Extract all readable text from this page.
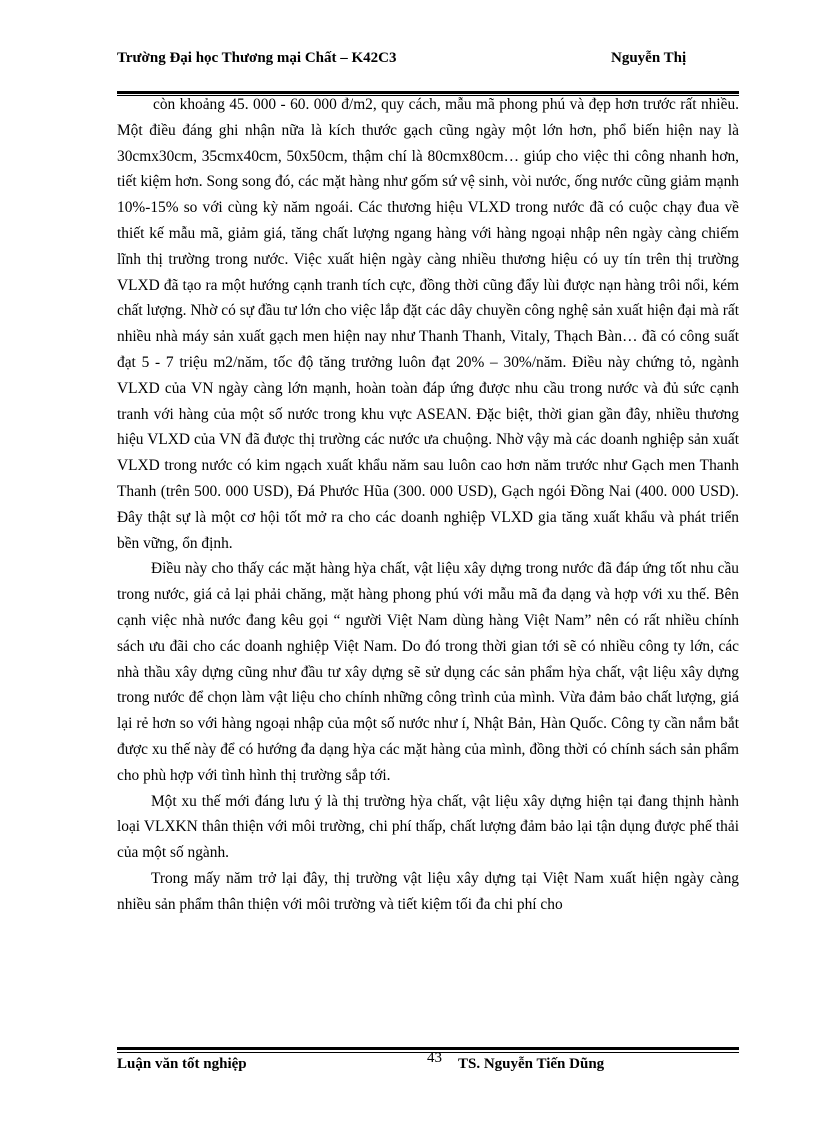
Trường Đại học Thương mại Chất – K42C3	Nguyễn Thị

còn khoảng 45. 000 - 60. 000 đ/m2, quy cách, mẫu mã phong phú và đẹp hơn trước rất nhiều. Một điều đáng ghi nhận nữa là kích thước gạch cũng ngày một lớn hơn, phổ biến hiện nay là 30cmx30cm, 35cmx40cm, 50x50cm, thậm chí là 80cmx80cm… giúp cho việc thi công nhanh hơn, tiết kiệm hơn. Song song đó, các mặt hàng như gốm sứ vệ sinh, vòi nước, ống nước cũng giảm mạnh 10%-15% so với cùng kỳ năm ngoái. Các thương hiệu VLXD trong nước đã có cuộc chạy đua về thiết kế mẫu mã, giảm giá, tăng chất lượng ngang hàng với hàng ngoại nhập nên ngày càng chiếm lĩnh thị trường trong nước. Việc xuất hiện ngày càng nhiều thương hiệu có uy tín trên thị trường VLXD đã tạo ra một hướng cạnh tranh tích cực, đồng thời cũng đẩy lùi được nạn hàng trôi nổi, kém chất lượng. Nhờ có sự đầu tư lớn cho việc lắp đặt các dây chuyền công nghệ sản xuất hiện đại mà rất nhiều nhà máy sản xuất gạch men hiện nay như Thanh Thanh, Vitaly, Thạch Bàn… đã có công suất đạt 5 - 7 triệu m2/năm, tốc độ tăng trưởng luôn đạt 20% – 30%/năm. Điều này chứng tỏ, ngành VLXD của VN ngày càng lớn mạnh, hoàn toàn đáp ứng được nhu cầu trong nước và đủ sức cạnh tranh với hàng của một số nước trong khu vực ASEAN. Đặc biệt, thời gian gần đây, nhiều thương hiệu VLXD của VN đã được thị trường các nước ưa chuộng. Nhờ vậy mà các doanh nghiệp sản xuất VLXD trong nước có kim ngạch xuất khẩu năm sau luôn cao hơn năm trước như Gạch men Thanh Thanh (trên 500. 000 USD), Đá Phước Hũa (300. 000 USD), Gạch ngói Đồng Nai (400. 000 USD). Đây thật sự là một cơ hội tốt mở ra cho các doanh nghiệp VLXD gia tăng xuất khẩu và phát triển bền vững, ổn định.

Điều này cho thấy các mặt hàng hỳa chất, vật liệu xây dựng trong nước đã đáp ứng tốt nhu cầu trong nước, giá cả lại phải chăng, mặt hàng phong phú với mẫu mã đa dạng và hợp với xu thế. Bên cạnh việc nhà nước đang kêu gọi “ người Việt Nam dùng hàng Việt Nam” nên có rất nhiều chính sách ưu đãi cho các doanh nghiệp Việt Nam. Do đó trong thời gian tới sẽ có nhiều công ty lớn, các nhà thầu xây dựng cũng như đầu tư xây dựng sẽ sử dụng các sản phẩm hỳa chất, vật liệu xây dựng trong nước để chọn làm vật liệu cho chính những công trình của mình. Vừa đảm bảo chất lượng, giá lại rẻ hơn so với hàng ngoại nhập của một số nước như í, Nhật Bản, Hàn Quốc. Công ty cần nắm bắt được xu thế này để có hướng đa dạng hỳa các mặt hàng của mình, đồng thời có chính sách sản phẩm cho phù hợp với tình hình thị trường sắp tới.

Một xu thế mới đáng lưu ý là thị trường hỳa chất, vật liệu xây dựng hiện tại đang thịnh hành loại VLXKN thân thiện với môi trường, chi phí thấp, chất lượng đảm bảo lại tận dụng được phế thải của một số ngành.

Trong mấy năm trở lại đây, thị trường vật liệu xây dựng tại Việt Nam xuất hiện ngày càng nhiều sản phẩm thân thiện với môi trường và tiết kiệm tối đa chi phí cho

Luận văn tốt nghiệp	43 TS. Nguyễn Tiến Dũng
